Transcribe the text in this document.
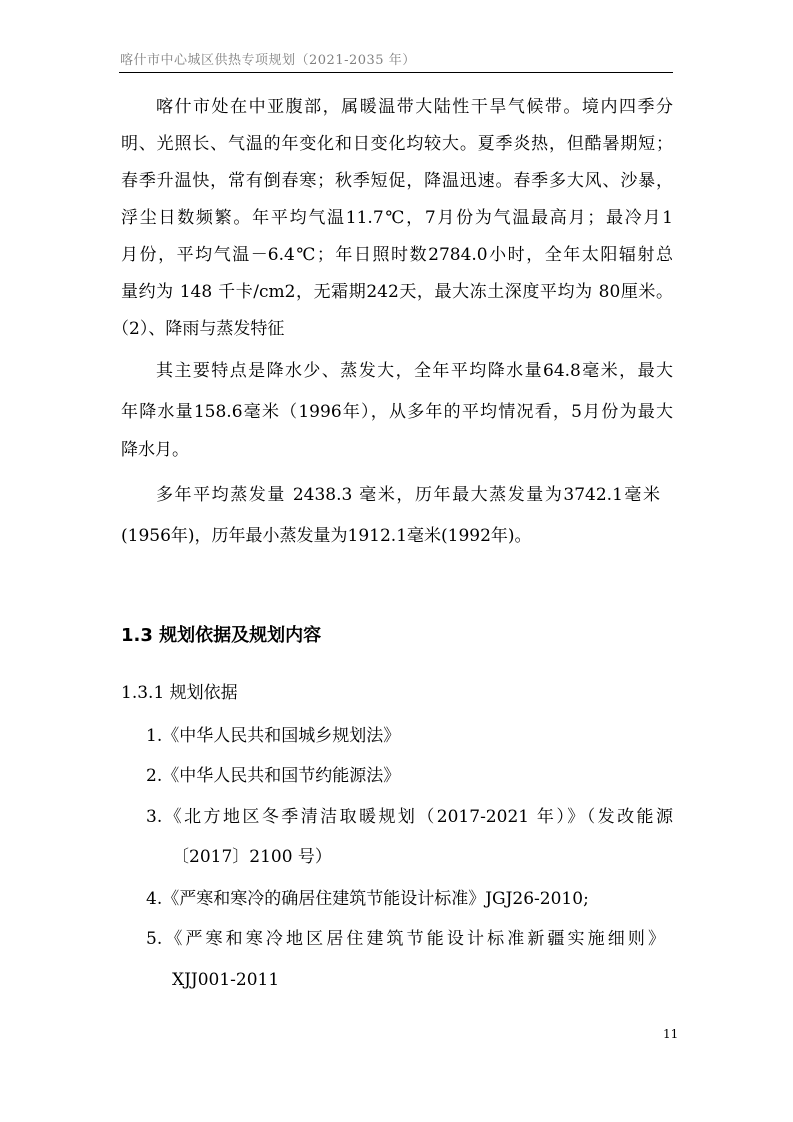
喀什市中心城区供热专项规划（2021-2035 年）
喀什市处在中亚腹部，属暖温带大陆性干旱气候带。境内四季分
明、光照长、气温的年变化和日变化均较大。夏季炎热，但酷暑期短；
春季升温快，常有倒春寒；秋季短促，降温迅速。春季多大风、沙暴，
浮尘日数频繁。年平均气温11.7℃，7月份为气温最高月；最冷月1
月份，平均气温－6.4℃；年日照时数2784.0小时，全年太阳辐射总
量约为 148 千卡/cm2，无霜期242天，最大冻土深度平均为 80厘米。
（2）、降雨与蒸发特征
其主要特点是降水少、蒸发大，全年平均降水量64.8毫米，最大
年降水量158.6毫米（1996年），从多年的平均情况看，5月份为最大
降水月。
多年平均蒸发量 2438.3 毫米，历年最大蒸发量为3742.1毫米
(1956年)，历年最小蒸发量为1912.1毫米(1992年)。
1.3 规划依据及规划内容
1.3.1 规划依据
1.《中华人民共和国城乡规划法》
2.《中华人民共和国节约能源法》
3.《北方地区冬季清洁取暖规划（2017-2021 年）》（发改能源
〔2017〕2100 号）
4.《严寒和寒冷的确居住建筑节能设计标准》JGJ26-2010;
5.《严寒和寒冷地区居住建筑节能设计标准新疆实施细则》
XJJ001-2011
11
